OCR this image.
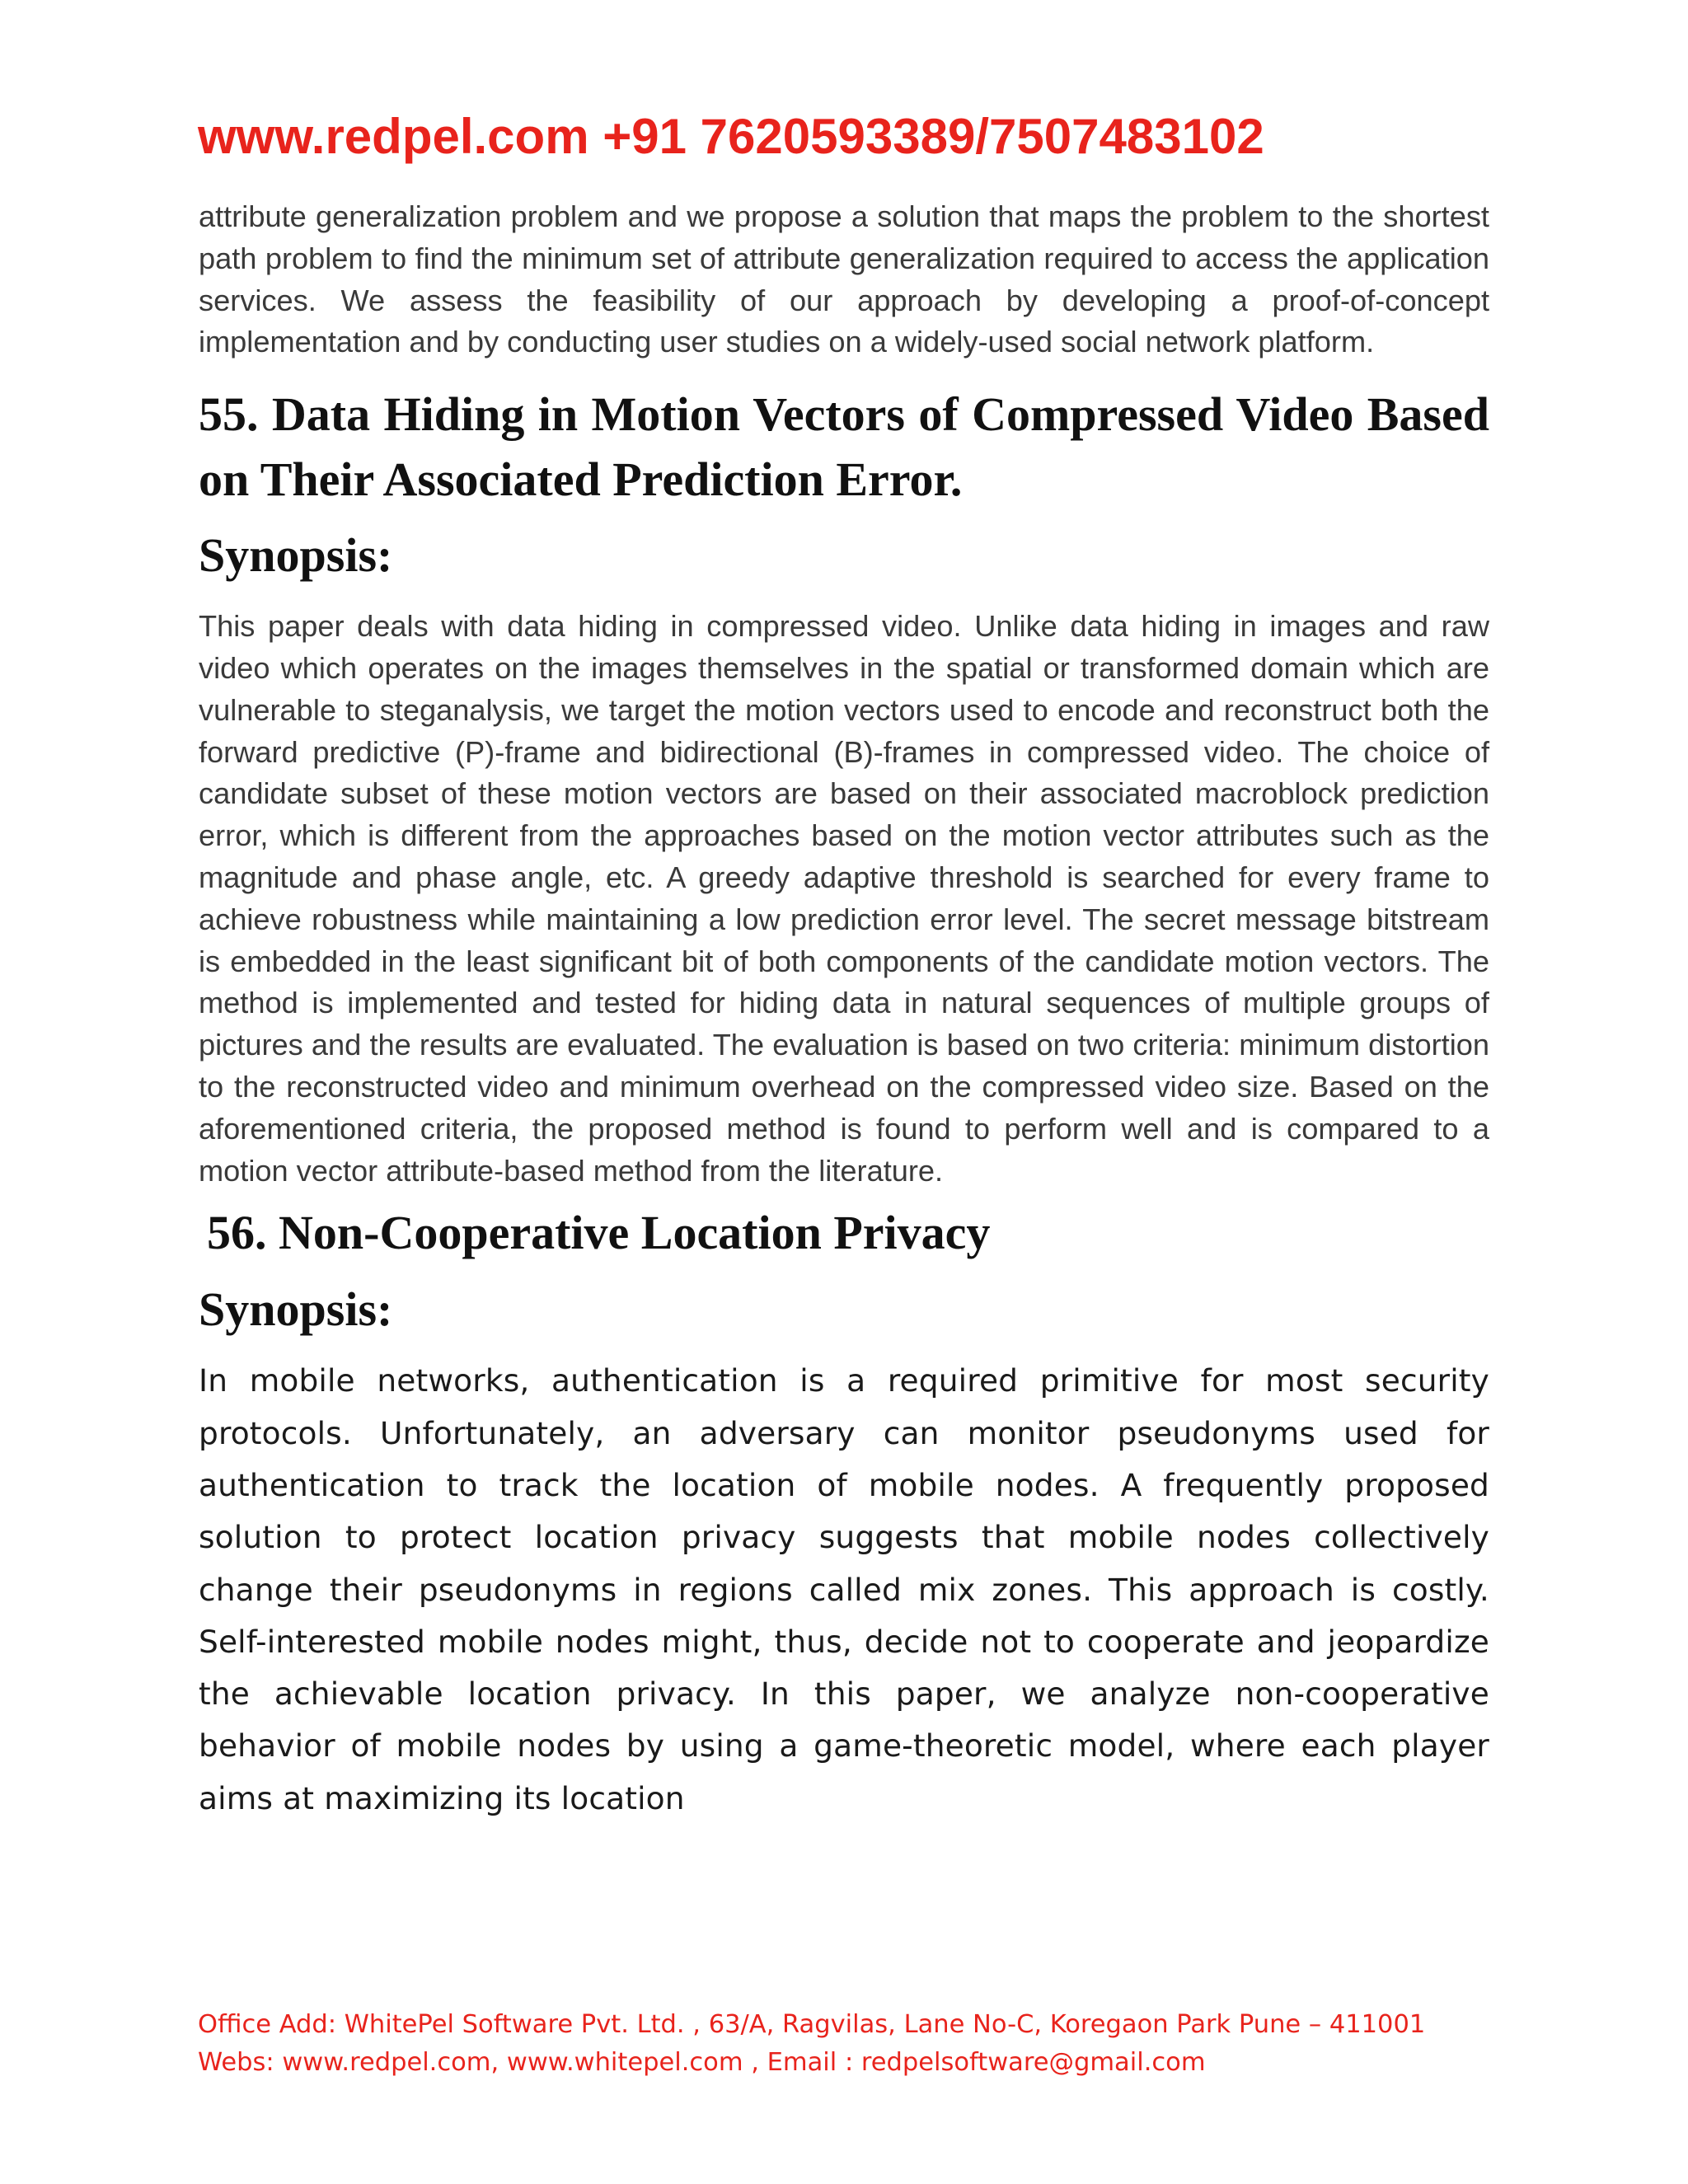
www.redpel.com +91 7620593389/7507483102

attribute generalization problem and we propose a solution that maps the problem to the shortest path problem to find the minimum set of attribute generalization required to access the application services. We assess the feasibility of our approach by developing a proof-of-concept implementation and by conducting user studies on a widely-used social network platform.

55. Data Hiding in Motion Vectors of Compressed Video Based on Their Associated Prediction Error.
Synopsis:

This paper deals with data hiding in compressed video. Unlike data hiding in images and raw video which operates on the images themselves in the spatial or transformed domain which are vulnerable to steganalysis, we target the motion vectors used to encode and reconstruct both the forward predictive (P)-frame and bidirectional (B)-frames in compressed video. The choice of candidate subset of these motion vectors are based on their associated macroblock prediction error, which is different from the approaches based on the motion vector attributes such as the magnitude and phase angle, etc. A greedy adaptive threshold is searched for every frame to achieve robustness while maintaining a low prediction error level. The secret message bitstream is embedded in the least significant bit of both components of the candidate motion vectors. The method is implemented and tested for hiding data in natural sequences of multiple groups of pictures and the results are evaluated. The evaluation is based on two criteria: minimum distortion to the reconstructed video and minimum overhead on the compressed video size. Based on the aforementioned criteria, the proposed method is found to perform well and is compared to a motion vector attribute-based method from the literature.

56. Non-Cooperative Location Privacy
Synopsis:

In mobile networks, authentication is a required primitive for most security protocols. Unfortunately, an adversary can monitor pseudonyms used for authentication to track the location of mobile nodes. A frequently proposed solution to protect location privacy suggests that mobile nodes collectively change their pseudonyms in regions called mix zones. This approach is costly. Self-interested mobile nodes might, thus, decide not to cooperate and jeopardize the achievable location privacy. In this paper, we analyze non-cooperative behavior of mobile nodes by using a game-theoretic model, where each player aims at maximizing its location

Office Add: WhitePel Software Pvt. Ltd. , 63/A, Ragvilas, Lane No-C, Koregaon Park Pune – 411001

Webs: www.redpel.com, www.whitepel.com , Email : redpelsoftware@gmail.com
